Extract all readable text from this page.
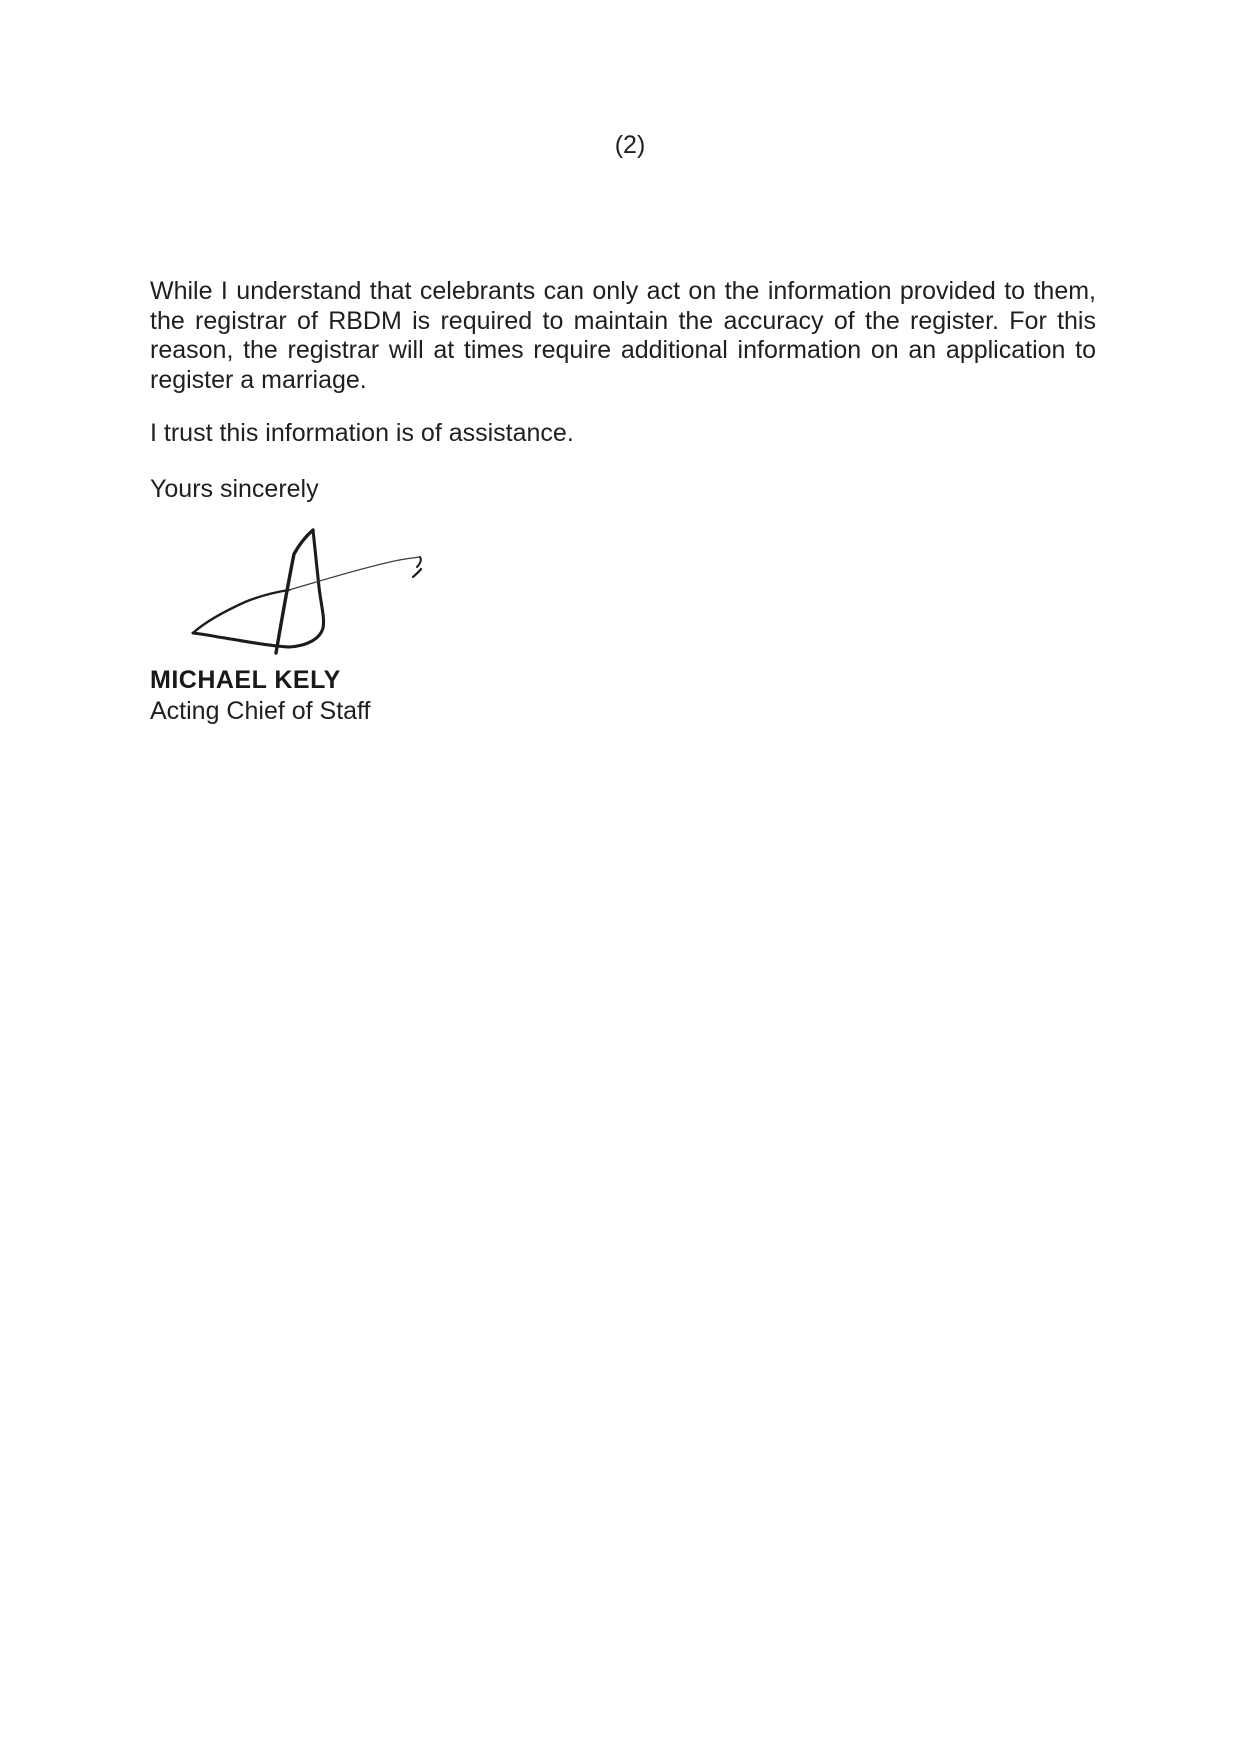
(2)
While I understand that celebrants can only act on the information provided to them, the registrar of RBDM is required to maintain the accuracy of the register. For this reason, the registrar will at times require additional information on an application to register a marriage.
I trust this information is of assistance.
Yours sincerely
MICHAEL KELY
Acting Chief of Staff
